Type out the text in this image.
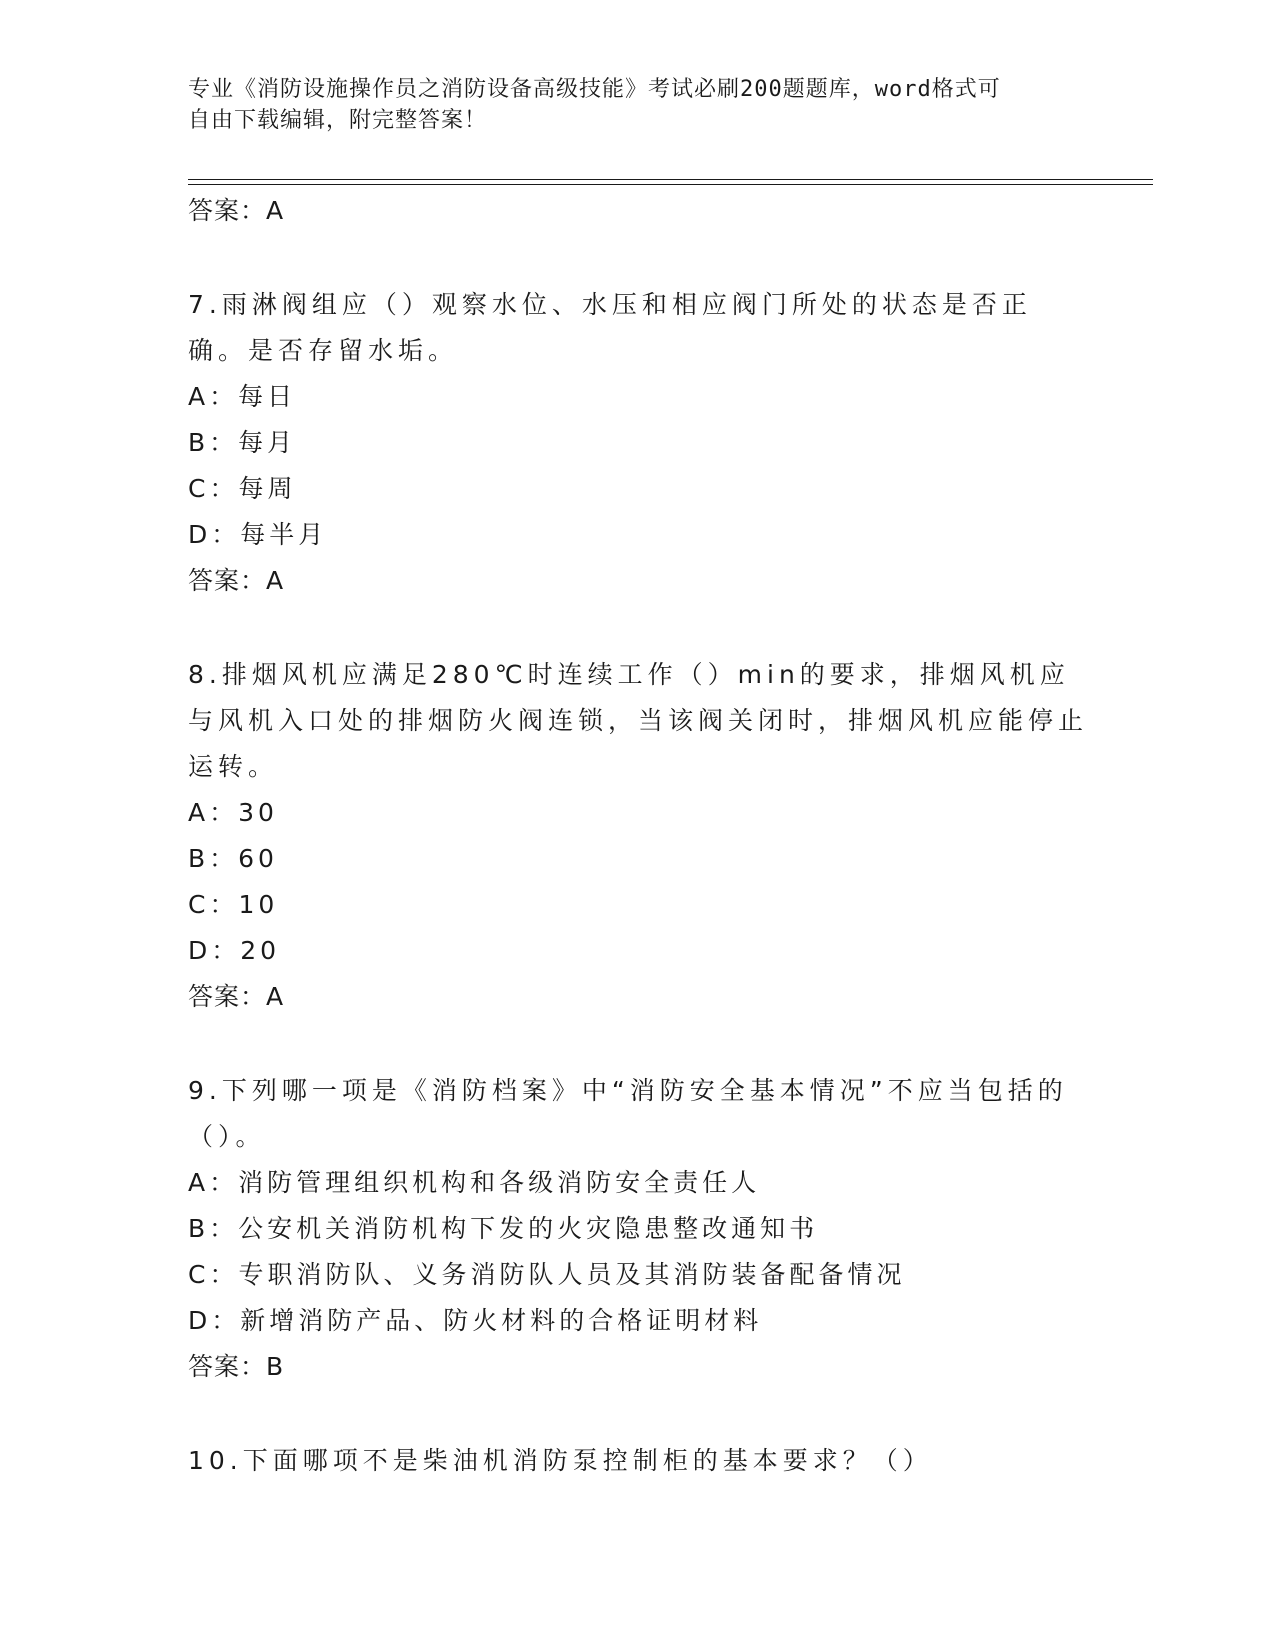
专业《消防设施操作员之消防设备高级技能》考试必刷200题题库，word格式可
自由下载编辑，附完整答案！
答案：A

7.雨淋阀组应（）观察水位、水压和相应阀门所处的状态是否正确。是否存留水垢。

A：每日
B：每月
C：每周
D：每半月
答案：A

8.排烟风机应满足280℃时连续工作（）min的要求，排烟风机应与风机入口处的排烟防火阀连锁，当该阀关闭时，排烟风机应能停止运转。

A：30
B：60
C：10
D：20
答案：A

9.下列哪一项是《消防档案》中“消防安全基本情况”不应当包括的（）。

A：消防管理组织机构和各级消防安全责任人
B：公安机关消防机构下发的火灾隐患整改通知书
C：专职消防队、义务消防队人员及其消防装备配备情况
D：新增消防产品、防火材料的合格证明材料
答案：B

10.下面哪项不是柴油机消防泵控制柜的基本要求？（）
